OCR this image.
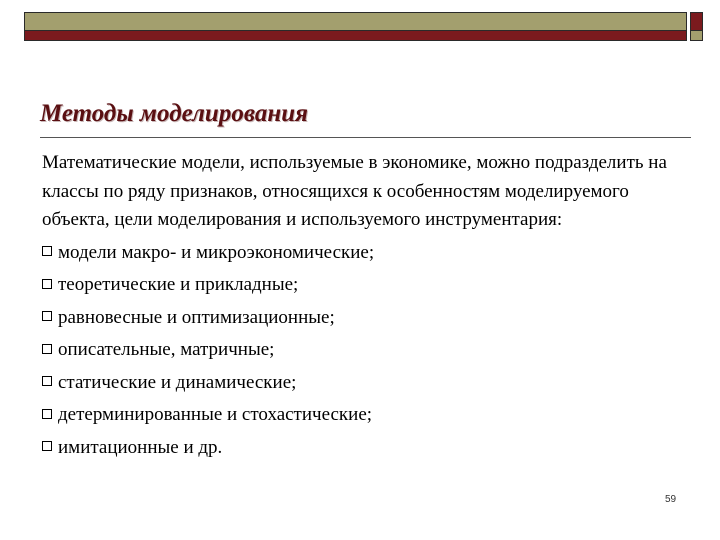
Методы моделирования

Математические модели, используемые в экономике, можно подразделить на классы по ряду признаков, относящихся к особенностям моделируемого объекта, цели моделирования и используемого инструментария:

модели макро- и микроэкономические;
теоретические и прикладные;
равновесные и оптимизационные;
описательные, матричные;
статические и динамические;
детерминированные и стохастические;
имитационные и др.
59
